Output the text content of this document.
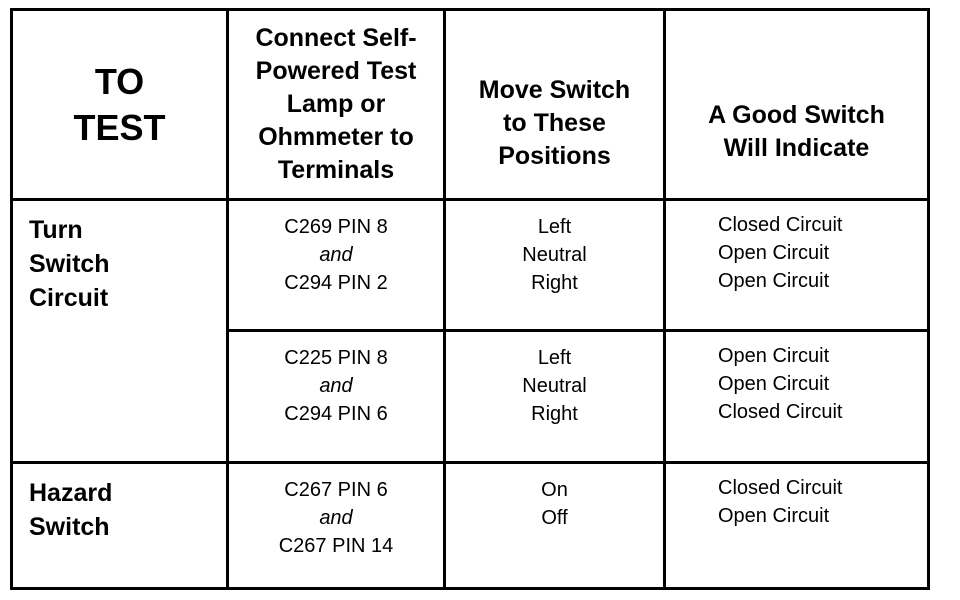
TO
TEST
Connect Self-
Powered Test
Lamp or
Ohmmeter to
Terminals
Move Switch
to These
Positions
A Good Switch
Will Indicate
Turn
Switch
Circuit
C269 PIN 8
and
C294 PIN 2
Left
Neutral
Right
Closed Circuit
Open Circuit
Open Circuit
C225 PIN 8
and
C294 PIN 6
Left
Neutral
Right
Open Circuit
Open Circuit
Closed Circuit
Hazard
Switch
C267 PIN 6
and
C267 PIN 14
On
Off
Closed Circuit
Open Circuit
